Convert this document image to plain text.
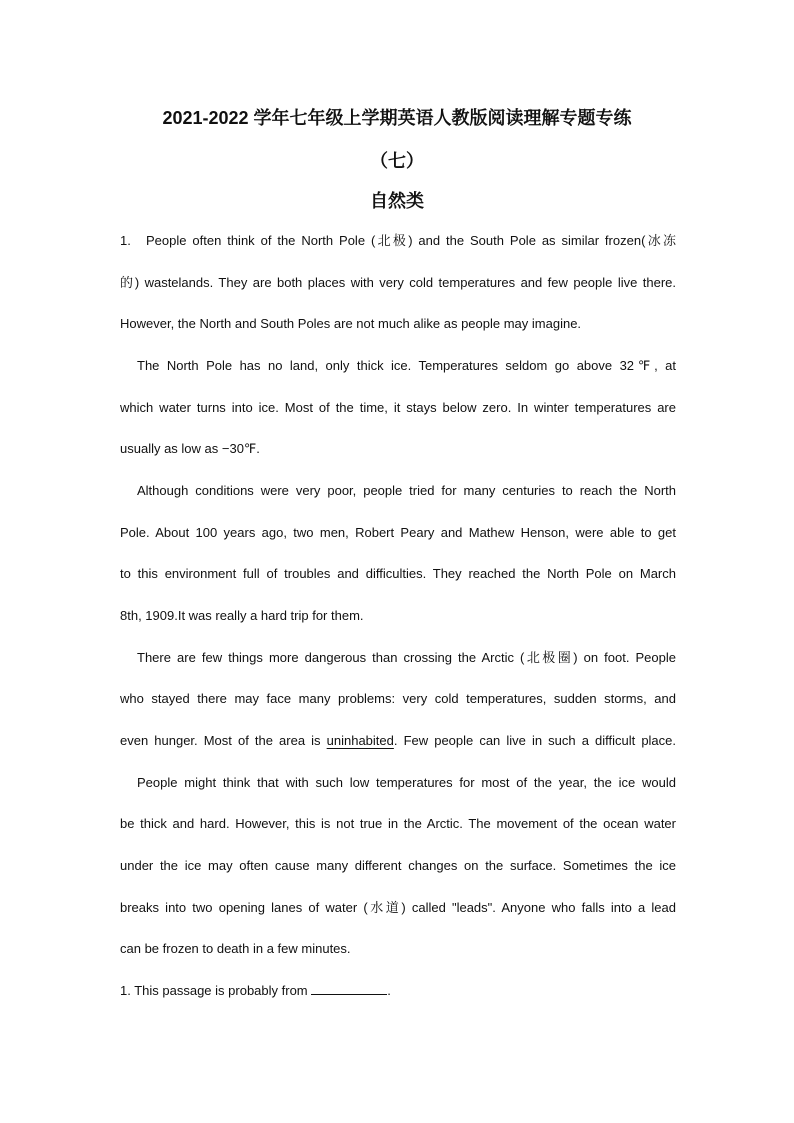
2021-2022 学年七年级上学期英语人教版阅读理解专题专练
（七）
自然类
1. People often think of the North Pole (北极) and the South Pole as similar frozen(冰冻
的) wastelands. They are both places with very cold temperatures and few people live there.
However, the North and South Poles are not much alike as people may imagine.
The North Pole has no land, only thick ice. Temperatures seldom go above 32℉, at
which water turns into ice. Most of the time, it stays below zero. In winter temperatures are
usually as low as −30℉.
Although conditions were very poor, people tried for many centuries to reach the North
Pole. About 100 years ago, two men, Robert Peary and Mathew Henson, were able to get
to this environment full of troubles and difficulties. They reached the North Pole on March
8th, 1909.It was really a hard trip for them.
There are few things more dangerous than crossing the Arctic (北极圈) on foot. People
who stayed there may face many problems: very cold temperatures, sudden storms, and
even hunger. Most of the area is uninhabited. Few people can live in such a difficult place.
People might think that with such low temperatures for most of the year, the ice would
be thick and hard. However, this is not true in the Arctic. The movement of the ocean water
under the ice may often cause many different changes on the surface. Sometimes the ice
breaks into two opening lanes of water (水道) called "leads". Anyone who falls into a lead
can be frozen to death in a few minutes.
1. This passage is probably from	.
